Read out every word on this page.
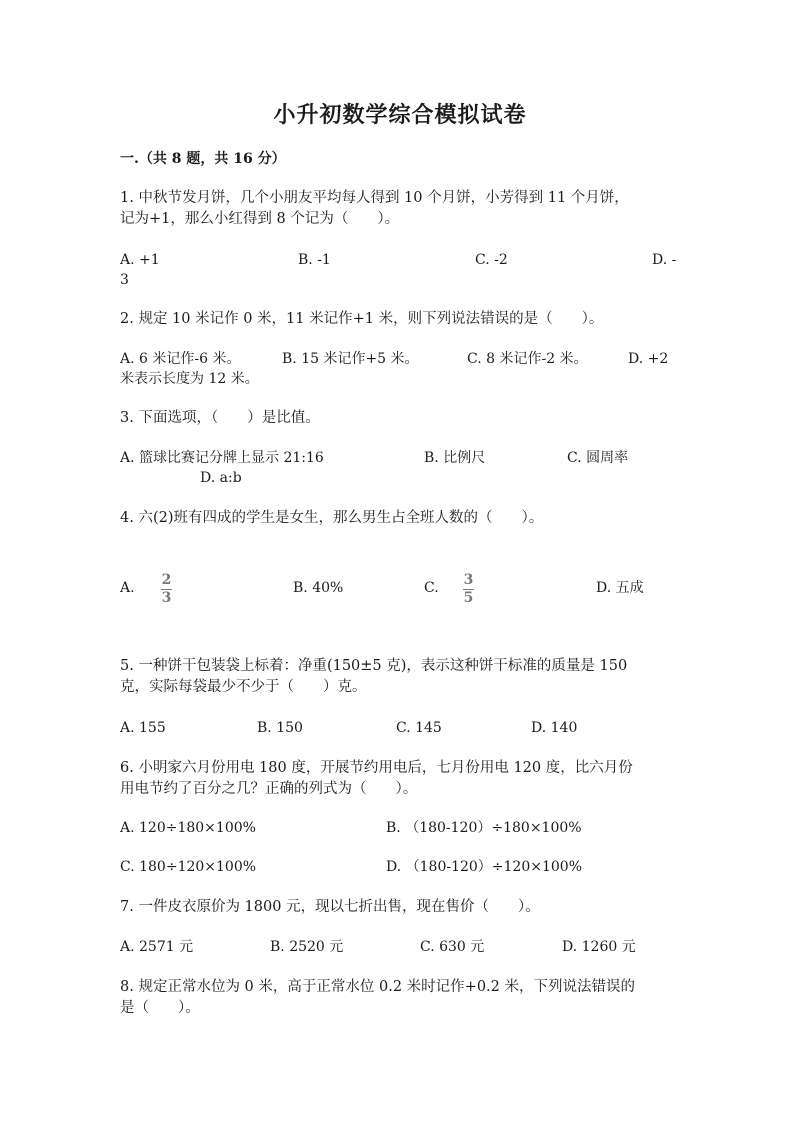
小升初数学综合模拟试卷
一.（共 8 题，共 16 分）
1. 中秋节发月饼，几个小朋友平均每人得到 10 个月饼，小芳得到 11 个月饼，
记为+1，那么小红得到 8 个记为（　　）。
A. +1	B. -1	C. -2	D. -
3
2. 规定 10 米记作 0 米，11 米记作+1 米，则下列说法错误的是（　　）。
A. 6 米记作-6 米。	B. 15 米记作+5 米。	C. 8 米记作-2 米。	D. +2
米表示长度为 12 米。
3. 下面选项，（　　）是比值。
A. 篮球比赛记分牌上显示 21:16	B. 比例尺	C. 圆周率
D. a:b
4. 六(2)班有四成的学生是女生，那么男生占全班人数的（　　）。
A. 2
3
B. 40%	C. 3
5
D. 五成
5. 一种饼干包装袋上标着：净重(150±5 克)，表示这种饼干标准的质量是 150
克，实际每袋最少不少于（　　）克。
A. 155	B. 150	C. 145	D. 140
6. 小明家六月份用电 180 度，开展节约用电后，七月份用电 120 度，比六月份
用电节约了百分之几？正确的列式为（　　）。
A. 120÷180×100%	B. （180-120）÷180×100%
C. 180÷120×100%	D. （180-120）÷120×100%
7. 一件皮衣原价为 1800 元，现以七折出售，现在售价（　　）。
A. 2571 元	B. 2520 元	C. 630 元	D. 1260 元
8. 规定正常水位为 0 米，高于正常水位 0.2 米时记作+0.2 米，下列说法错误的
是（　　）。
